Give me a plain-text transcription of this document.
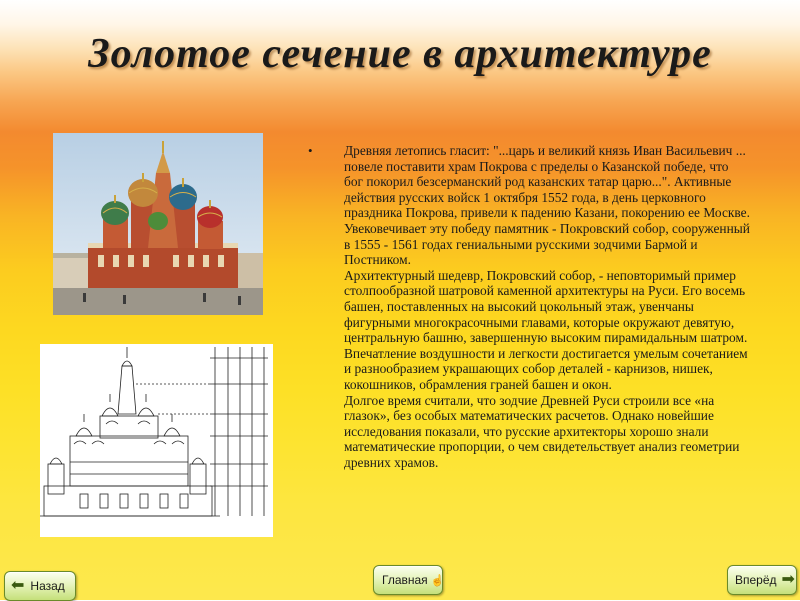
Золотое сечение в архитектуре
•	Древняя летопись гласит: "...царь и великий князь Иван Васильевич ... повеле поставити храм Покрова с пределы о Казанской победе, что бог покорил безсерманский род казанских татар царю...". Активные действия русских войск 1 октября 1552 года, в день церковного праздника Покрова, привели к падению Казани, покорению ее Москве. Увековечивает эту победу памятник - Покровский собор, сооруженный в 1555 - 1561 годах гениальными русскими зодчими Бармой и Постником.

Архитектурный шедевр, Покровский собор, - неповторимый пример столпообразной шатровой каменной архитектуры на Руси. Его восемь башен, поставленных на высокий цокольный этаж, увенчаны фигурными многокрасочными главами, которые окружают девятую, центральную башню, завершенную высоким пирамидальным шатром.

Впечатление воздушности и легкости достигается умелым сочетанием и разнообразием украшающих собор деталей - карнизов, нишек, кокошников, обрамления граней башен и окон.

Долгое время считали, что зодчие Древней Руси строили все «на глазок», без особых математических расчетов. Однако новейшие исследования показали, что русские архитекторы хорошо знали математические пропорции, о чем свидетельствует анализ геометрии древних храмов.

⬅ Назад	Главная ☝	Вперёд ➡
